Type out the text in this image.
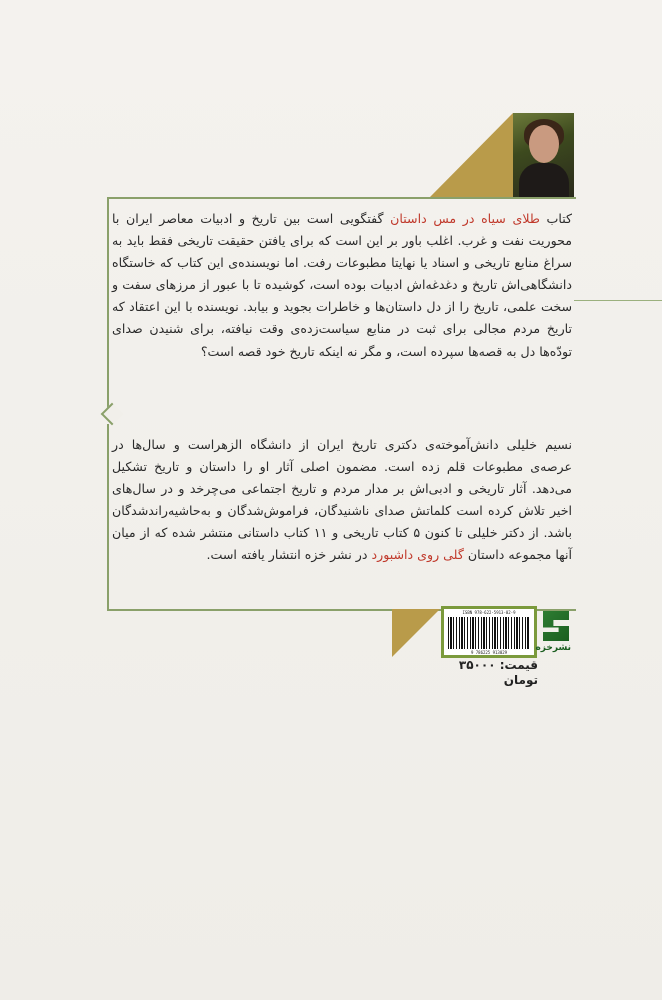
کتاب طلای سیاه در مس داستان گفتگویی است بین تاریخ و ادبیات معاصر ایران با محوریت نفت و غرب. اغلب باور بر این است که برای یافتن حقیقت تاریخی فقط باید به سراغ منابع تاریخی و اسناد یا نهایتا مطبوعات رفت. اما نویسنده‌ی این کتاب که خاستگاه دانشگاهی‌اش تاریخ و دغدغه‌اش ادبیات بوده است، کوشیده تا با عبور از مرزهای سفت و سخت علمی، تاریخ را از دل داستان‌ها و خاطرات بجوید و بیابد. نویسنده با این اعتقاد که تاریخ مردم مجالی برای ثبت در منابع سیاست‌زده‌ی وقت نیافته، برای شنیدن صدای تودّه‌ها دل به قصه‌ها سپرده است، و مگر نه اینکه تاریخ خود قصه است؟
نسیم خلیلی دانش‌آموخته‌ی دکتری تاریخ ایران از دانشگاه الزهراست و سال‌ها در عرصه‌ی مطبوعات قلم زده است. مضمون اصلی آثار او را داستان و تاریخ تشکیل می‌دهد. آثار تاریخی و ادبی‌اش بر مدار مردم و تاریخ اجتماعی می‌چرخد و در سال‌های اخیر تلاش کرده است کلماتش صدای ناشنیدگان، فراموش‌شدگان و به‌حاشیه‌راندشدگان باشد. از دکتر خلیلی تا کنون ۵ کتاب تاریخی و ۱۱ کتاب داستانی منتشر شده که از میان آنها مجموعه داستان گلی روی داشبورد در نشر خزه انتشار یافته است.
ISBN 978-622-5913-02-9
9 786225 913029	نشرخزه
قیمت: ۳۵۰۰۰ تومان
